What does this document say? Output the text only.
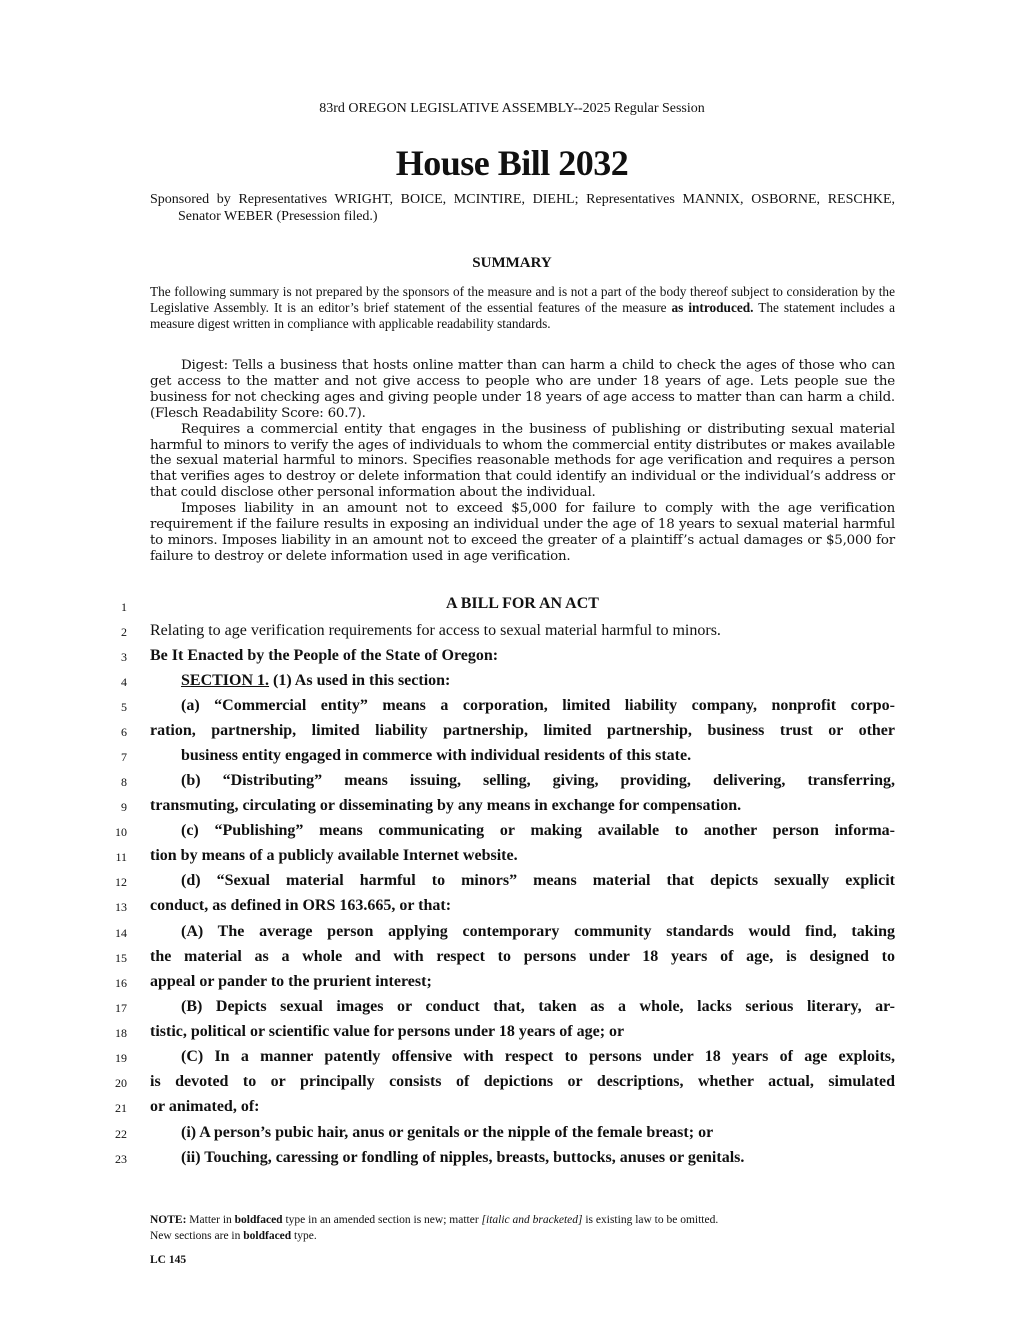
83rd OREGON LEGISLATIVE ASSEMBLY--2025 Regular Session
House Bill 2032
Sponsored by Representatives WRIGHT, BOICE, MCINTIRE, DIEHL; Representatives MANNIX, OSBORNE, RESCHKE, Senator WEBER (Presession filed.)
SUMMARY
The following summary is not prepared by the sponsors of the measure and is not a part of the body thereof subject to consideration by the Legislative Assembly. It is an editor’s brief statement of the essential features of the measure as introduced. The statement includes a measure digest written in compliance with applicable readability standards.

Digest: Tells a business that hosts online matter than can harm a child to check the ages of those who can get access to the matter and not give access to people who are under 18 years of age. Lets people sue the business for not checking ages and giving people under 18 years of age access to matter than can harm a child. (Flesch Readability Score: 60.7).

Requires a commercial entity that engages in the business of publishing or distributing sexual material harmful to minors to verify the ages of individuals to whom the commercial entity distributes or makes available the sexual material harmful to minors. Specifies reasonable methods for age verification and requires a person that verifies ages to destroy or delete information that could identify an individual or the individual’s address or that could disclose other personal information about the individual.

Imposes liability in an amount not to exceed $5,000 for failure to comply with the age verification requirement if the failure results in exposing an individual under the age of 18 years to sexual material harmful to minors. Imposes liability in an amount not to exceed the greater of a plaintiff’s actual damages or $5,000 for failure to destroy or delete information used in age verification.

A BILL FOR AN ACT
1
2
3
4
5
6
7
8
9
10
11
12
13
14
15
16
17
18
19
20
21
22
23
Relating to age verification requirements for access to sexual material harmful to minors.
Be It Enacted by the People of the State of Oregon:
SECTION 1. (1) As used in this section:
(a) “Commercial entity” means a corporation, limited liability company, nonprofit corpo-
ration, partnership, limited liability partnership, limited partnership, business trust or other
business entity engaged in commerce with individual residents of this state.
(b) “Distributing” means issuing, selling, giving, providing, delivering, transferring,
transmuting, circulating or disseminating by any means in exchange for compensation.
(c) “Publishing” means communicating or making available to another person informa-
tion by means of a publicly available Internet website.
(d) “Sexual material harmful to minors” means material that depicts sexually explicit
conduct, as defined in ORS 163.665, or that:
(A) The average person applying contemporary community standards would find, taking
the material as a whole and with respect to persons under 18 years of age, is designed to
appeal or pander to the prurient interest;
(B) Depicts sexual images or conduct that, taken as a whole, lacks serious literary, ar-
tistic, political or scientific value for persons under 18 years of age; or
(C) In a manner patently offensive with respect to persons under 18 years of age exploits,
is devoted to or principally consists of depictions or descriptions, whether actual, simulated
or animated, of:
(i) A person’s pubic hair, anus or genitals or the nipple of the female breast; or
(ii) Touching, caressing or fondling of nipples, breasts, buttocks, anuses or genitals.
NOTE: Matter in boldfaced type in an amended section is new; matter [italic and bracketed] is existing law to be omitted.
New sections are in boldfaced type.
LC 145
